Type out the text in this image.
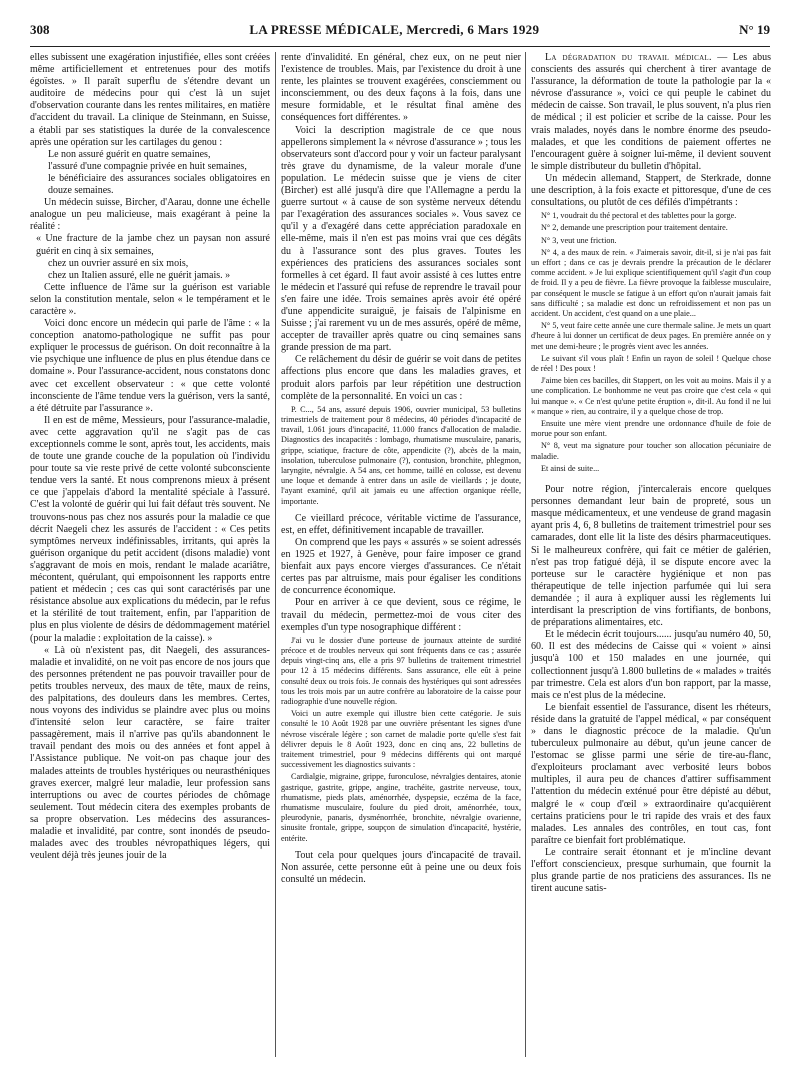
308	LA PRESSE MÉDICALE, Mercredi, 6 Mars 1929	N° 19

elles subissent une exagération injustifiée, elles sont créées même artificiellement et entretenues pour des motifs égoïstes. » Il paraît superflu de s'étendre devant un auditoire de médecins pour qui c'est là un sujet d'observation courante dans les rentes militaires, en matière d'accident du travail. La clinique de Steinmann, en Suisse, a établi par ses statistiques la durée de la convalescence après une opération sur les cartilages du genou :

Le non assuré guérit en quatre semaines,

l'assuré d'une compagnie privée en huit semaines,

le bénéficiaire des assurances sociales obligatoires en douze semaines.

Un médecin suisse, Bircher, d'Aarau, donne une échelle analogue un peu malicieuse, mais exagérant à peine la réalité :

« Une fracture de la jambe chez un paysan non assuré guérit en cinq à six semaines,

chez un ouvrier assuré en six mois,

chez un Italien assuré, elle ne guérit jamais. »

Cette influence de l'âme sur la guérison est variable selon la constitution mentale, selon « le tempérament et le caractère ».

Voici donc encore un médecin qui parle de l'âme : « la conception anatomo-pathologique ne suffit pas pour expliquer le processus de guérison. On doit reconnaître à la vie psychique une influence de plus en plus étendue dans ce domaine ». Pour l'assurance-accident, nous constatons donc avec cet excellent observateur : « que cette volonté inconsciente de l'âme tendue vers la guérison, vers la santé, a été détruite par l'assurance ».

Il en est de même, Messieurs, pour l'assurance-maladie, avec cette aggravation qu'il ne s'agit pas de cas exceptionnels comme le sont, après tout, les accidents, mais de toute une grande couche de la population où l'individu pour toute sa vie reste privé de cette volonté subconsciente tendue vers la santé. Et nous comprenons mieux à présent ce que j'appelais d'abord la mentalité spéciale à l'assuré. C'est la volonté de guérir qui lui fait défaut très souvent. Ne trouvons-nous pas chez nos assurés pour la maladie ce que décrit Naegeli chez les assurés de l'accident : « Ces petits symptômes nerveux indéfinissables, irritants, qui après la guérison organique du petit accident (disons maladie) vont s'aggravant de mois en mois, rendant le malade acariâtre, mécontent, quérulant, qui empoisonnent les rapports entre patient et médecin ; ces cas qui sont caractérisés par une résistance absolue aux explications du médecin, par le refus et la stérilité de tout traitement, enfin, par l'apparition de plus en plus violente de désirs de dédommagement matériel (pour la maladie : exploitation de la caisse). »

« Là où n'existent pas, dit Naegeli, des assurances-maladie et invalidité, on ne voit pas encore de nos jours que des personnes prétendent ne pas pouvoir travailler pour de petits troubles nerveux, des maux de tête, maux de reins, des palpitations, des douleurs dans les membres. Certes, nous voyons des individus se plaindre avec plus ou moins d'intensité selon leur caractère, se faire traiter passagèrement, mais il n'arrive pas qu'ils abandonnent le travail pendant des mois ou des années et font appel à l'Assistance publique. Ne voit-on pas chaque jour des malades atteints de troubles hystériques ou neurasthéniques graves exercer, malgré leur maladie, leur profession sans interruptions ou avec de courtes périodes de chômage seulement. Tout médecin citera des exemples probants de sa propre observation. Les médecins des assurances-maladie et invalidité, par contre, sont inondés de pseudo-malades avec des troubles névropathiques légers, qui veulent déjà très jeunes jouir de la

rente d'invalidité. En général, chez eux, on ne peut nier l'existence de troubles. Mais, par l'existence du droit à une rente, les plaintes se trouvent exagérées, consciemment ou inconsciemment, ou des deux façons à la fois, dans une mesure formidable, et le résultat final amène des conséquences fort différentes. »

Voici la description magistrale de ce que nous appellerons simplement la « névrose d'assurance » ; tous les observateurs sont d'accord pour y voir un facteur paralysant très grave du dynamisme, de la valeur morale d'une population. Le médecin suisse que je viens de citer (Bircher) est allé jusqu'à dire que l'Allemagne a perdu la guerre surtout « à cause de son système nerveux détendu par l'exagération des assurances sociales ». Vous savez ce qu'il y a d'exagéré dans cette appréciation paradoxale en elle-même, mais il n'en est pas moins vrai que ces dégâts du à l'assurance sont des plus graves. Toutes les expériences des praticiens des assurances sociales sont formelles à cet égard. Il faut avoir assisté à ces luttes entre le médecin et l'assuré qui refuse de reprendre le travail pour s'en faire une idée. Trois semaines après avoir été opéré d'une appendicite suraiguë, je faisais de l'alpinisme en Suisse ; j'ai rarement vu un de mes assurés, opéré de même, accepter de travailler après quatre ou cinq semaines sans grande pression de ma part.

Ce relâchement du désir de guérir se voit dans de petites affections plus encore que dans les maladies graves, et produit alors parfois par leur répétition une destruction complète de la personnalité. En voici un cas :

P. C..., 54 ans, assuré depuis 1906, ouvrier municipal, 53 bulletins trimestriels de traitement pour 8 médecins, 40 périodes d'incapacité de travail, 1.061 jours d'incapacité, 11.000 francs d'allocation de maladie. Diagnostics des incapacités : lombago, rhumatisme musculaire, panaris, grippe, sciatique, fracture de côte, appendicite (?), abcès de la main, insolation, tuberculose pulmonaire (?), contusion, bronchite, phlegmon, laryngite, névralgie. A 54 ans, cet homme, taillé en colosse, est devenu une loque et demande à entrer dans un asile de vieillards ; je doute, l'ayant examiné, qu'il ait jamais eu une affection organique réelle, importante.

Ce vieillard précoce, véritable victime de l'assurance, est, en effet, définitivement incapable de travailler.

On comprend que les pays « assurés » se soient adressés en 1925 et 1927, à Genève, pour faire imposer ce grand bienfait aux pays encore vierges d'assurances. Ce n'était certes pas par altruisme, mais pour égaliser les conditions de concurrence économique.

Pour en arriver à ce que devient, sous ce régime, le travail du médecin, permettez-moi de vous citer des exemples d'un type nosographique différent :

J'ai vu le dossier d'une porteuse de journaux atteinte de surdité précoce et de troubles nerveux qui sont fréquents dans ce cas ; assurée depuis vingt-cinq ans, elle a pris 97 bulletins de traitement trimestriel pour 12 à 15 médecins différents. Sans assurance, elle eût à peine consulté deux ou trois fois. Je connais des hystériques qui sont adressées tous les trois mois par un autre confrère au laboratoire de la caisse pour radiographie d'une nouvelle région.

Voici un autre exemple qui illustre bien cette catégorie. Je suis consulté le 10 Août 1928 par une ouvrière présentant les signes d'une névrose viscérale légère ; son carnet de maladie porte qu'elle s'est fait délivrer depuis le 8 Août 1923, donc en cinq ans, 22 bulletins de traitement trimestriel, pour 9 médecins différents qui ont marqué successivement les diagnostics suivants :

Cardialgie, migraine, grippe, furonculose, névralgies dentaires, atonie gastrique, gastrite, grippe, angine, trachéite, gastrite nerveuse, toux, rhumatisme, pieds plats, aménorrhée, dyspepsie, eczéma de la face, rhumatisme musculaire, foulure du pied droit, aménorrhée, toux, pleurodynie, panaris, dysménorrhée, bronchite, névralgie ovarienne, sinusite frontale, grippe, soupçon de simulation d'incapacité, hystérie, entérite.

Tout cela pour quelques jours d'incapacité de travail. Non assurée, cette personne eût à peine une ou deux fois consulté un médecin.

La dégradation du travail médical. — Les abus conscients des assurés qui cherchent à tirer avantage de l'assurance, la déformation de toute la pathologie par la « névrose d'assurance », voici ce qui peuple le cabinet du médecin de caisse. Son travail, le plus souvent, n'a plus rien de médical ; il est policier et scribe de la caisse. Pour les vrais malades, noyés dans le nombre énorme des pseudo-malades, et que les conditions de paiement offertes ne l'encouragent guère à soigner lui-même, il devient souvent le simple distributeur du bulletin d'hôpital.

Un médecin allemand, Stappert, de Sterkrade, donne une description, à la fois exacte et pittoresque, d'une de ces consultations, ou plutôt de ces défilés d'impétrants :

N° 1, voudrait du thé pectoral et des tablettes pour la gorge.

N° 2, demande une prescription pour traitement dentaire.

N° 3, veut une friction.

N° 4, a des maux de rein. « J'aimerais savoir, dit-il, si je n'ai pas fait un effort ; dans ce cas je devrais prendre la précaution de le déclarer comme accident. » Je lui explique scientifiquement qu'il s'agit d'un coup de froid. Il y a peu de fièvre. La fièvre provoque la faiblesse musculaire, par conséquent le muscle se fatigue à un effort qu'on n'aurait jamais fait sans difficulté ; sa maladie est donc un refroidissement et non pas un accident. Un accident, c'est quand on a une plaie...

N° 5, veut faire cette année une cure thermale saline. Je mets un quart d'heure à lui donner un certificat de deux pages. En première année on y met une demi-heure ; le progrès vient avec les années.

Le suivant s'il vous plaît ! Enfin un rayon de soleil ! Quelque chose de réel ! Des poux !

J'aime bien ces bacilles, dit Stappert, on les voit au moins. Mais il y a une complication. Le bonhomme ne veut pas croire que c'est cela « qui lui manque ». « Ce n'est qu'une petite éruption », dit-il. Au fond il ne lui « manque » rien, au contraire, il y a quelque chose de trop.

Ensuite une mère vient prendre une ordonnance d'huile de foie de morue pour son enfant.

N° 8, veut ma signature pour toucher son allocation pécuniaire de maladie.

Et ainsi de suite...

Pour notre région, j'intercalerais encore quelques personnes demandant leur bain de propreté, sous un masque médicamenteux, et une vendeuse de grand magasin ayant pris 4, 6, 8 bulletins de traitement trimestriel pour ses camarades, dont elle lit la liste des désirs pharmaceutiques. Si le malheureux confrère, qui fait ce métier de galérien, n'est pas trop fatigué déjà, il se dispute encore avec la porteuse sur le caractère hygiénique et non pas thérapeutique de telle injection parfumée qui lui sera demandée ; il aura à expliquer aussi les règlements lui interdisant la prescription de vins fortifiants, de bonbons, de préparations alimentaires, etc.

Et le médecin écrit toujours...... jusqu'au numéro 40, 50, 60. Il est des médecins de Caisse qui « voient » ainsi jusqu'à 100 et 150 malades en une journée, qui collectionnent jusqu'à 1.800 bulletins de « malades » traités par trimestre. Cela est alors d'un bon rapport, par la masse, mais ce n'est plus de la médecine.

Le bienfait essentiel de l'assurance, disent les rhéteurs, réside dans la gratuité de l'appel médical, « par conséquent » dans le diagnostic précoce de la maladie. Qu'un tuberculeux pulmonaire au début, qu'un jeune cancer de l'estomac se glisse parmi une série de tire-au-flanc, d'exploiteurs proclamant avec verbosité leurs bobos multiples, il aura peu de chances d'attirer suffisamment l'attention du médecin exténué pour être dépisté au début, malgré le « coup d'œil » extraordinaire qu'acquièrent certains praticiens pour le tri rapide des vrais et des faux malades. Les annales des contrôles, en tout cas, font paraître ce bienfait fort problématique.

Le contraire serait étonnant et je m'incline devant l'effort consciencieux, presque surhumain, que fournit la plus grande partie de nos praticiens des assurances. Ils ne tirent aucune satis-
